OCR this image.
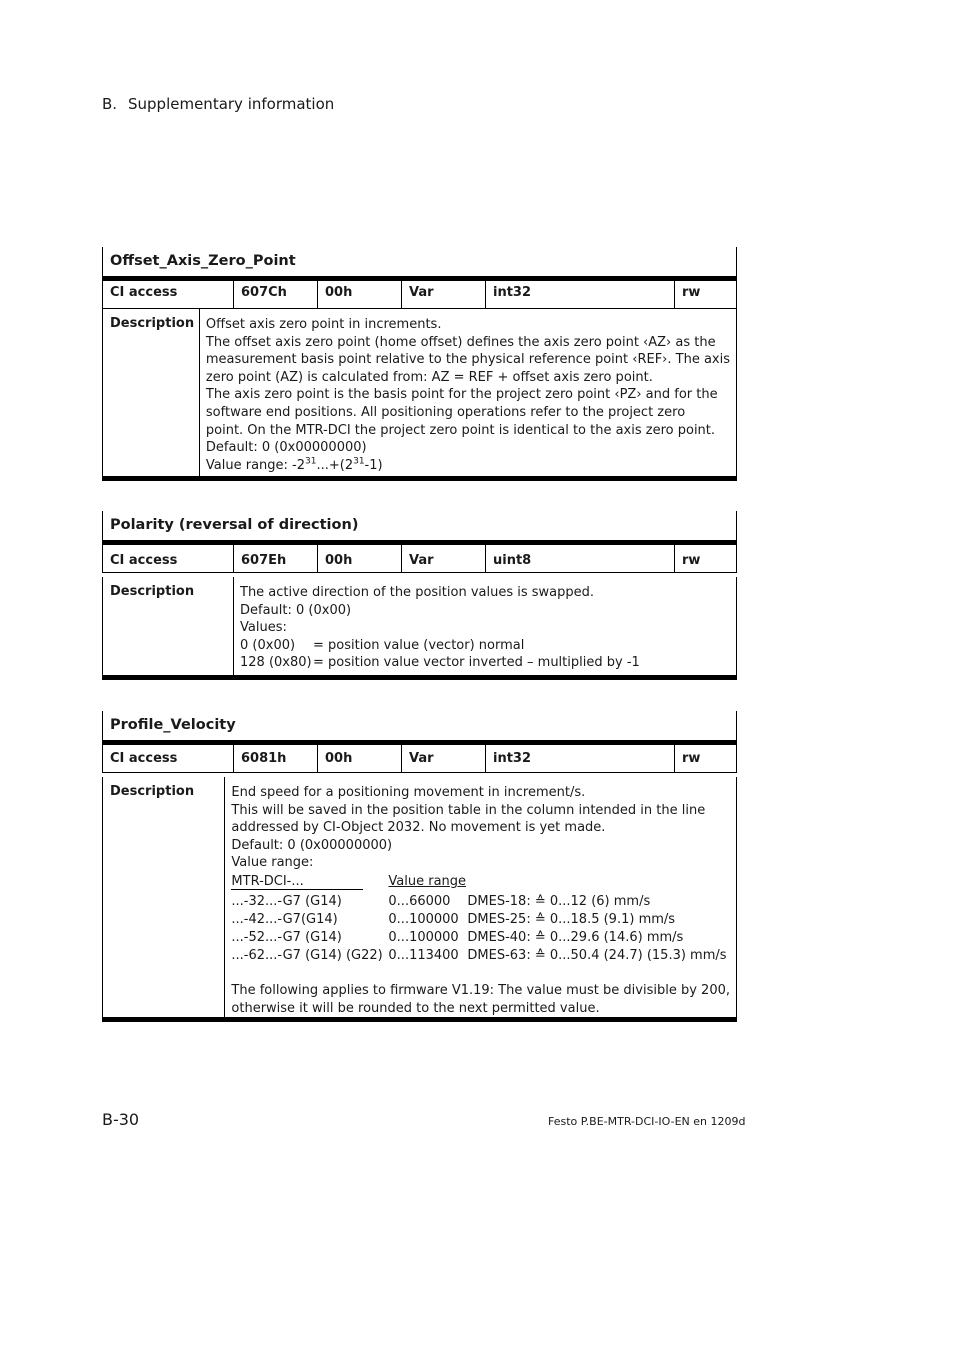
B. Supplementary information
Offset_Axis_Zero_Point
CI access	607Ch	00h	Var	int32	rw
Description Offset axis zero point in increments.
The offset axis zero point (home offset) defines the axis zero point ‹AZ› as the
measurement basis point relative to the physical reference point ‹REF›. The axis
zero point (AZ) is calculated from: AZ = REF + offset axis zero point.
The axis zero point is the basis point for the project zero point ‹PZ› and for the
software end positions. All positioning operations refer to the project zero
point. On the MTR-DCI the project zero point is identical to the axis zero point.
Default: 0 (0x00000000)
Value range: $-2^{31}...+(2^{31}-1)$
Polarity (reversal of direction)
CI access	607Eh	00h	Var	uint8	rw
Description	The active direction of the position values is swapped.
Default: 0 (0x00)
Values:
0 (0x00) = position value (vector) normal
128 (0x80)= position value vector inverted – multiplied by -1
Profile_Velocity
CI access	6081h	00h	Var	int32	rw
Description	End speed for a positioning movement in increment/s.
This will be saved in the position table in the column intended in the line
addressed by CI-Object 2032. No movement is yet made.
Default: 0 (0x00000000)
Value range:
MTR-DCI-...	Value range	
...-32...-G7 (G14)	0...66000	DMES-18: ≙ 0...12 (6) mm/s
...-42...-G7(G14)	0...100000	DMES-25: ≙ 0...18.5 (9.1) mm/s
...-52...-G7 (G14)	0...100000	DMES-40: ≙ 0...29.6 (14.6) mm/s
...-62...-G7 (G14) (G22)	0...113400	DMES-63: ≙ 0...50.4 (24.7) (15.3) mm/s
The following applies to firmware V1.19: The value must be divisible by 200,
otherwise it will be rounded to the next permitted value.
B-30	Festo P.BE-MTR-DCI-IO-EN en 1209d
